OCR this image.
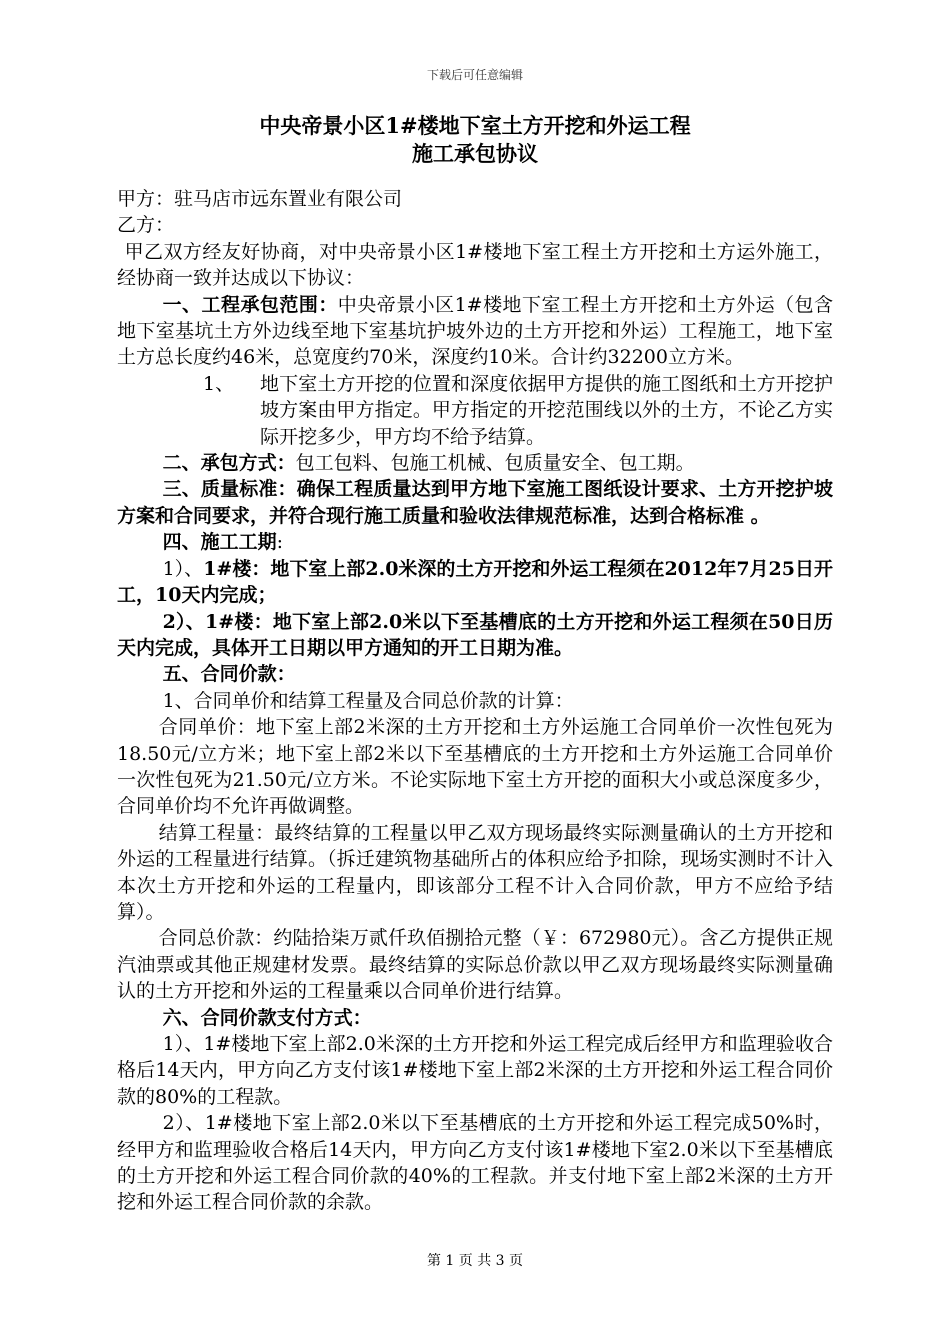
下载后可任意编辑
中央帝景小区1#楼地下室土方开挖和外运工程
施工承包协议

甲方：驻马店市远东置业有限公司

乙方：

甲乙双方经友好协商，对中央帝景小区1#楼地下室工程土方开挖和土方运外施工，经协商一致并达成以下协议：

一、工程承包范围：中央帝景小区1#楼地下室工程土方开挖和土方外运（包含地下室基坑土方外边线至地下室基坑护坡外边的土方开挖和外运）工程施工，地下室土方总长度约46米，总宽度约70米，深度约10米。合计约32200立方米。

1、	地下室土方开挖的位置和深度依据甲方提供的施工图纸和土方开挖护坡方案由甲方指定。甲方指定的开挖范围线以外的土方，不论乙方实际开挖多少，甲方均不给予结算。

二、承包方式：包工包料、包施工机械、包质量安全、包工期。

三、质量标准：确保工程质量达到甲方地下室施工图纸设计要求、土方开挖护坡方案和合同要求，并符合现行施工质量和验收法律规范标准，达到合格标准 。

四、施工工期:

1）、1#楼：地下室上部2.0米深的土方开挖和外运工程须在2012年7月25日开工，10天内完成；

2）、1#楼：地下室上部2.0米以下至基槽底的土方开挖和外运工程须在50日历天内完成，具体开工日期以甲方通知的开工日期为准。

五、合同价款：

1、合同单价和结算工程量及合同总价款的计算：

合同单价：地下室上部2米深的土方开挖和土方外运施工合同单价一次性包死为18.50元/立方米；地下室上部2米以下至基槽底的土方开挖和土方外运施工合同单价一次性包死为21.50元/立方米。不论实际地下室土方开挖的面积大小或总深度多少，合同单价均不允许再做调整。

结算工程量：最终结算的工程量以甲乙双方现场最终实际测量确认的土方开挖和外运的工程量进行结算。（拆迁建筑物基础所占的体积应给予扣除，现场实测时不计入本次土方开挖和外运的工程量内，即该部分工程不计入合同价款，甲方不应给予结算）。

合同总价款：约陆拾柒万贰仟玖佰捌拾元整（￥：672980元）。含乙方提供正规汽油票或其他正规建材发票。最终结算的实际总价款以甲乙双方现场最终实际测量确认的土方开挖和外运的工程量乘以合同单价进行结算。

六、合同价款支付方式：

1）、1#楼地下室上部2.0米深的土方开挖和外运工程完成后经甲方和监理验收合格后14天内，甲方向乙方支付该1#楼地下室上部2米深的土方开挖和外运工程合同价款的80%的工程款。

2）、1#楼地下室上部2.0米以下至基槽底的土方开挖和外运工程完成50%时，经甲方和监理验收合格后14天内，甲方向乙方支付该1#楼地下室2.0米以下至基槽底的土方开挖和外运工程合同价款的40%的工程款。并支付地下室上部2米深的土方开挖和外运工程合同价款的余款。

第 1 页 共 3 页
